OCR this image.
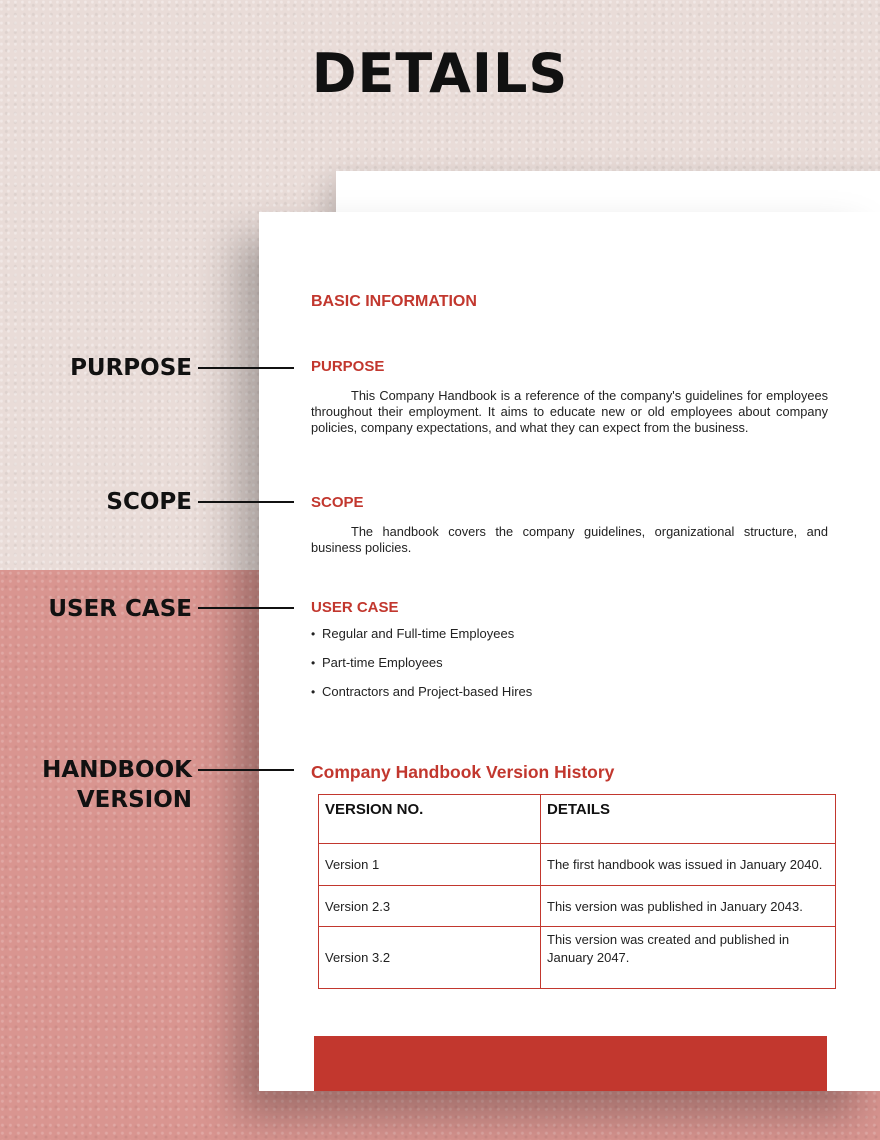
DETAILS
BASIC INFORMATION
PURPOSE

This Company Handbook is a reference of the company's guidelines for employees throughout their employment. It aims to educate new or old employees about company policies, company expectations, and what they can expect from the business.

SCOPE

The handbook covers the company guidelines, organizational structure, and business policies.

USER CASE
• Regular and Full-time Employees
• Part-time Employees
• Contractors and Project-based Hires
Company Handbook Version History
VERSION NO.	DETAILS
Version 1	The first handbook was issued in January 2040.
Version 2.3	This version was published in January 2043.
Version 3.2	This version was created and published in January 2047.
PURPOSE
SCOPE
USER CASE
HANDBOOK
VERSION
